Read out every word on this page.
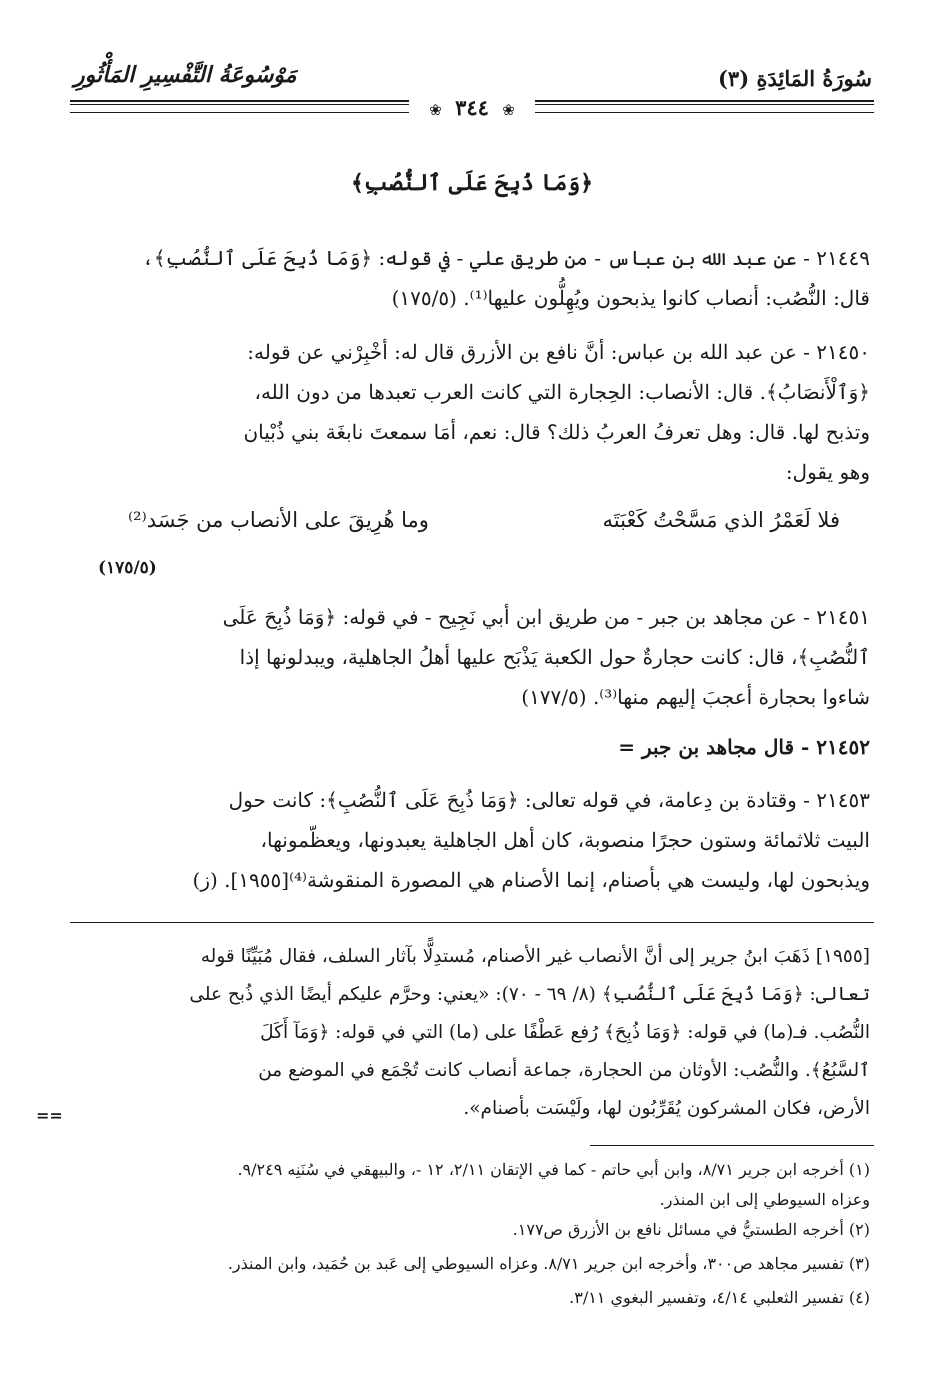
سُورَةُ المَائِدَةِ (٣)
مَوْسُوعَةُ التَّفْسِيرِ المَأْثُورِ
❀ ٣٤٤ ❀
﴿وَمَا ذُبِحَ عَلَى ٱلنُّصُبِ﴾
٢١٤٤٩ - عن عبد الله بن عباس - من طريق علي - في قوله: ﴿وَمَا ذُبِحَ عَلَى ٱلنُّصُبِ﴾،
قال: النُّصُب: أنصاب كانوا يذبحون ويُهِلُّون عليها⁽¹⁾. (١٧٥/٥)
٢١٤٥٠ - عن عبد الله بن عباس: أنَّ نافع بن الأزرق قال له: أخْبِرْني عن قوله:
﴿وَٱلْأَنصَابُ﴾. قال: الأنصاب: الحِجارة التي كانت العرب تعبدها من دون الله،
وتذبح لها. قال: وهل تعرفُ العربُ ذلك؟ قال: نعم، أمَا سمعتَ نابغَة بني ذُبْيان
وهو يقول:
فلا لَعَمْرُ الذي مَسَّحْتُ كَعْبَتَه
وما هُرِيقَ على الأنصاب من جَسَد⁽²⁾
(١٧٥/٥)
٢١٤٥١ - عن مجاهد بن جبر - من طريق ابن أبي نَجِيح - في قوله: ﴿وَمَا ذُبِحَ عَلَى
ٱلنُّصُبِ﴾، قال: كانت حجارةٌ حول الكعبة يَذْبَح عليها أهلُ الجاهلية، ويبدلونها إذا
شاءوا بحجارة أعجبَ إليهم منها⁽³⁾. (١٧٧/٥)
٢١٤٥٢ - قال مجاهد بن جبر =
٢١٤٥٣ - وقتادة بن دِعامة، في قوله تعالى: ﴿وَمَا ذُبِحَ عَلَى ٱلنُّصُبِ﴾: كانت حول
البيت ثلاثمائة وستون حجرًا منصوبة، كان أهل الجاهلية يعبدونها، ويعظّمونها،
ويذبحون لها، وليست هي بأصنام، إنما الأصنام هي المصورة المنقوشة⁽⁴⁾[١٩٥٥]. (ز)
[١٩٥٥] ذَهَبَ ابنُ جرير إلى أنَّ الأنصاب غير الأصنام، مُستدِلًّا بآثار السلف، فقال مُبَيِّنًا قوله
تعالى: ﴿وَمَا ذُبِحَ عَلَى ٱلنُّصُبِ﴾ (٨/ ٦٩ - ٧٠): «يعني: وحرَّم عليكم أيضًا الذي ذُبح على
النُّصُب. فـ(ما) في قوله: ﴿وَمَا ذُبِحَ﴾ رُفع عَطْفًا على (ما) التي في قوله: ﴿وَمَآ أَكَلَ
ٱلسَّبُعُ﴾. والنُّصُب: الأوثان من الحجارة، جماعة أنصاب كانت تُجْمَع في الموضع من
الأرض، فكان المشركون يُقَرِّبُون لها، ولَيْسَت بأصنام».
==
(١) أخرجه ابن جرير ٨/٧١، وابن أبي حاتم - كما في الإتقان ٢/١١، ١٢ -، والبيهقي في سُنَنِه ٩/٢٤٩.
وعزاه السيوطي إلى ابن المنذر.
(٢) أخرجه الطستيُّ في مسائل نافع بن الأزرق ص١٧٧.
(٣) تفسير مجاهد ص٣٠٠، وأخرجه ابن جرير ٨/٧١. وعزاه السيوطي إلى عَبد بن حُمَيد، وابن المنذر.
(٤) تفسير الثعلبي ٤/١٤، وتفسير البغوي ٣/١١.
